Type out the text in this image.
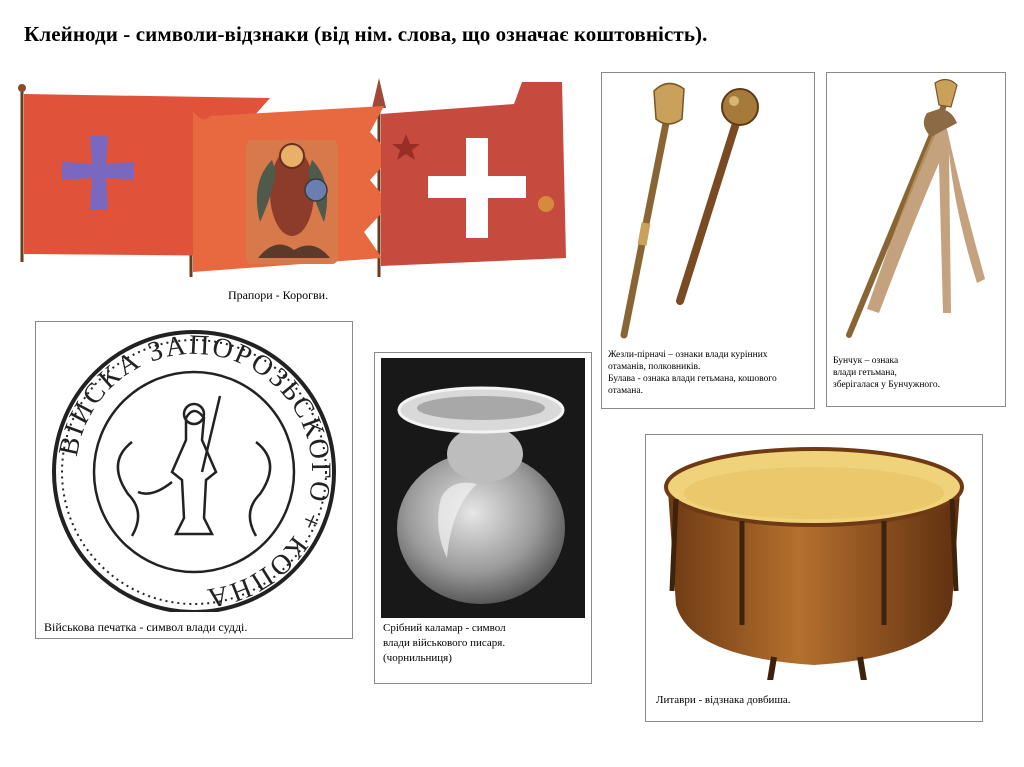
Клейноди - символи-відзнаки (від нім. слова, що означає коштовність).
Прапори - Корогви.
Жезли-пірначі – ознаки влади курінних
отаманів, полковників.
Булава - ознака влади гетьмана, кошового
отамана.
Бунчук – ознака
влади гетьмана,
зберігалася у Бунчужного.
ВІИСКА ЗАПОРОЗЬСКОГО + КОПНА
Військова печатка - символ влади судді.	Срібний каламар - символ
влади військового писаря.
(чорнильниця)
Литаври - відзнака довбиша.
